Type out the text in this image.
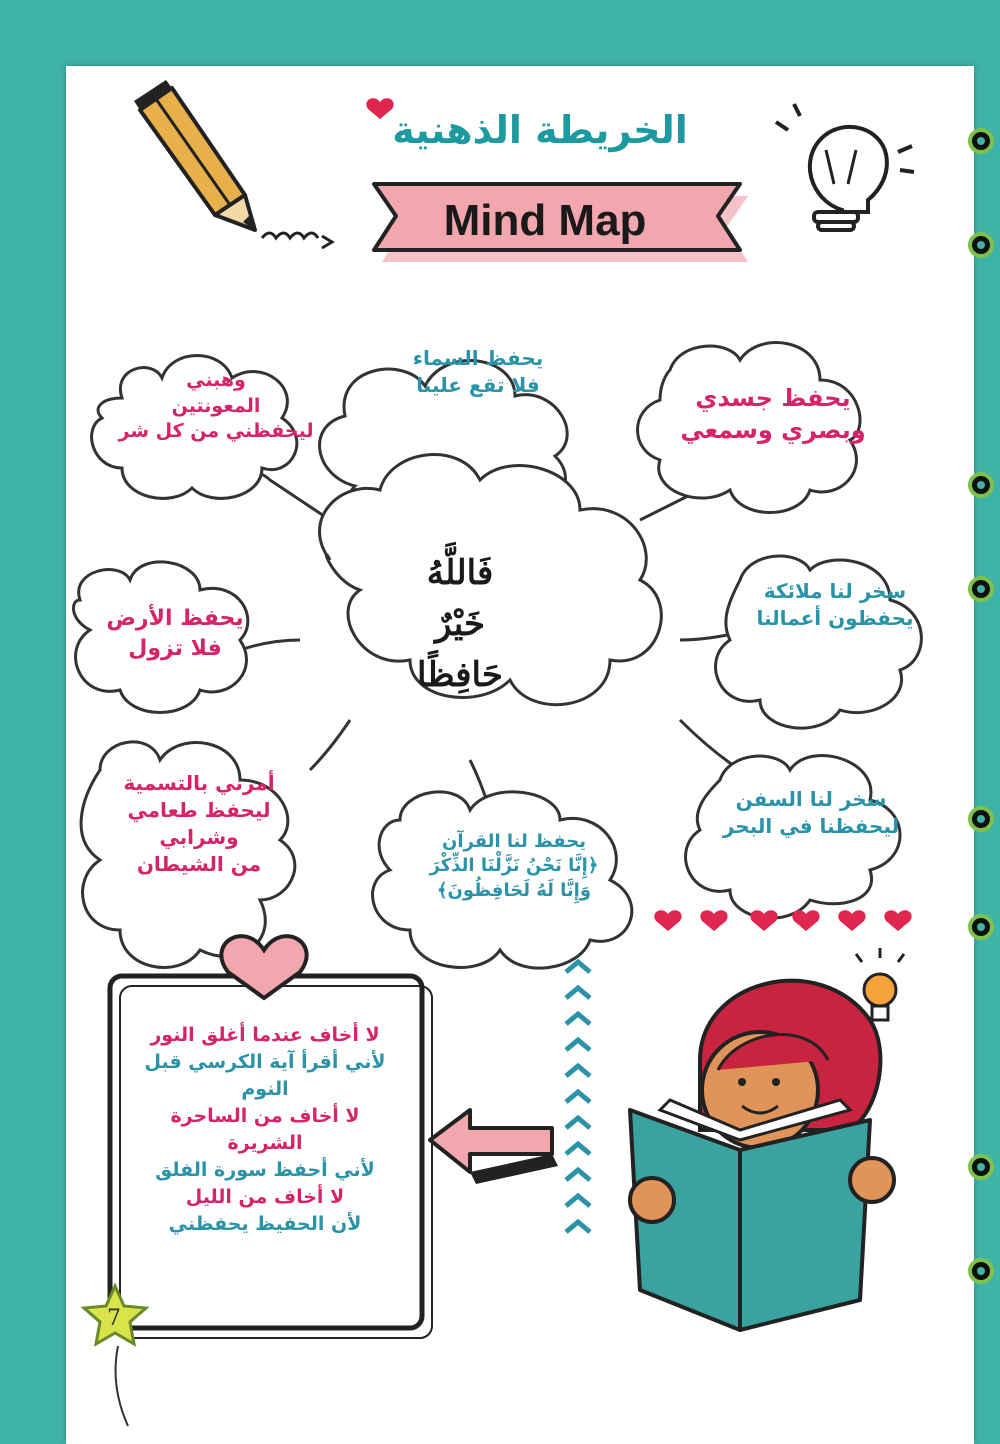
الخريطة الذهنية
Mind Map
فَاللَّهُ
خَيْرٌ
حَافِظًا
يحفظ السماء
فلا تقع علينا
وهبني
المعونتين
ليحفظني من كل شر
يحفظ جسدي
وبصري وسمعي
يحفظ الأرض
فلا تزول
سخر لنا ملائكة
يحفظون أعمالنا
أمرني بالتسمية
ليحفظ طعامي
وشرابي
من الشيطان
يحفظ لنا القرآن
﴿إِنَّا نَحْنُ نَزَّلْنَا الذِّكْرَ
وَإِنَّا لَهُ لَحَافِظُونَ﴾
سخر لنا السفن
ليحفظنا في البحر
لا أخاف عندما أغلق النور
لأني أقرأ آية الكرسي قبل
النوم
لا أخاف من الساحرة
الشريرة
لأني أحفظ سورة الفلق
لا أخاف من الليل
لأن الحفيظ يحفظني
7
